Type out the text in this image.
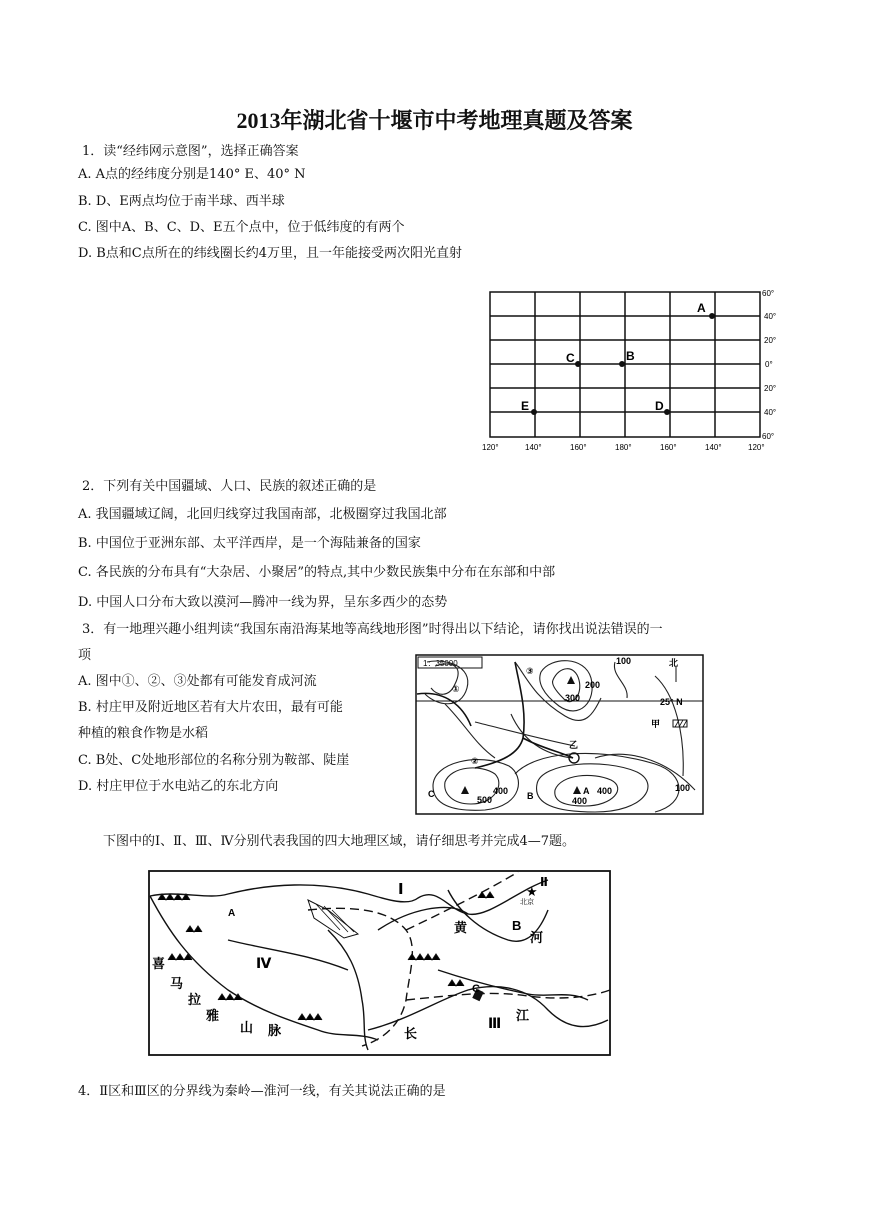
2013年湖北省十堰市中考地理真题及答案
1．读“经纬网示意图”，选择正确答案
A. A点的经纬度分别是140° E、40° N
B. D、E两点均位于南半球、西半球
C. 图中A、B、C、D、E五个点中，位于低纬度的有两个
D. B点和C点所在的纬线圈长约4万里，且一年能接受两次阳光直射
A
B
C
D
E
60°
40°
20°
0°
20°
40°
60°
120°	140°	160°	180°	160°	140°	120°
2．下列有关中国疆域、人口、民族的叙述正确的是
A. 我国疆域辽阔，北回归线穿过我国南部，北极圈穿过我国北部
B. 中国位于亚洲东部、太平洋西岸，是一个海陆兼备的国家
C. 各民族的分布具有“大杂居、小聚居”的特点,其中少数民族集中分布在东部和中部
D. 中国人口分布大致以漠河—腾冲一线为界，呈东多西少的态势
3．有一地理兴趣小组判读“我国东南沿海某地等高线地形图”时得出以下结论，请你找出说法错误的一
项
A. 图中①、②、③处都有可能发育成河流
B. 村庄甲及附近地区若有大片农田，最有可能
种植的粮食作物是水稻
C. B处、C处地形部位的名称分别为鞍部、陡崖
D. 村庄甲位于水电站乙的东北方向
1：35000	北
25° N
甲
乙
①
②
③
100
200
300
400
500	400
400	100
A
B
C
下图中的Ⅰ、Ⅱ、Ⅲ、Ⅳ分别代表我国的四大地理区域，请仔细思考并完成4—7题。
Ⅰ	Ⅱ
Ⅲ
Ⅳ
★
北京
A
B
C
黄
河
长
江
喜
马
拉
雅
山 脉
4．Ⅱ区和Ⅲ区的分界线为秦岭—淮河一线，有关其说法正确的是
